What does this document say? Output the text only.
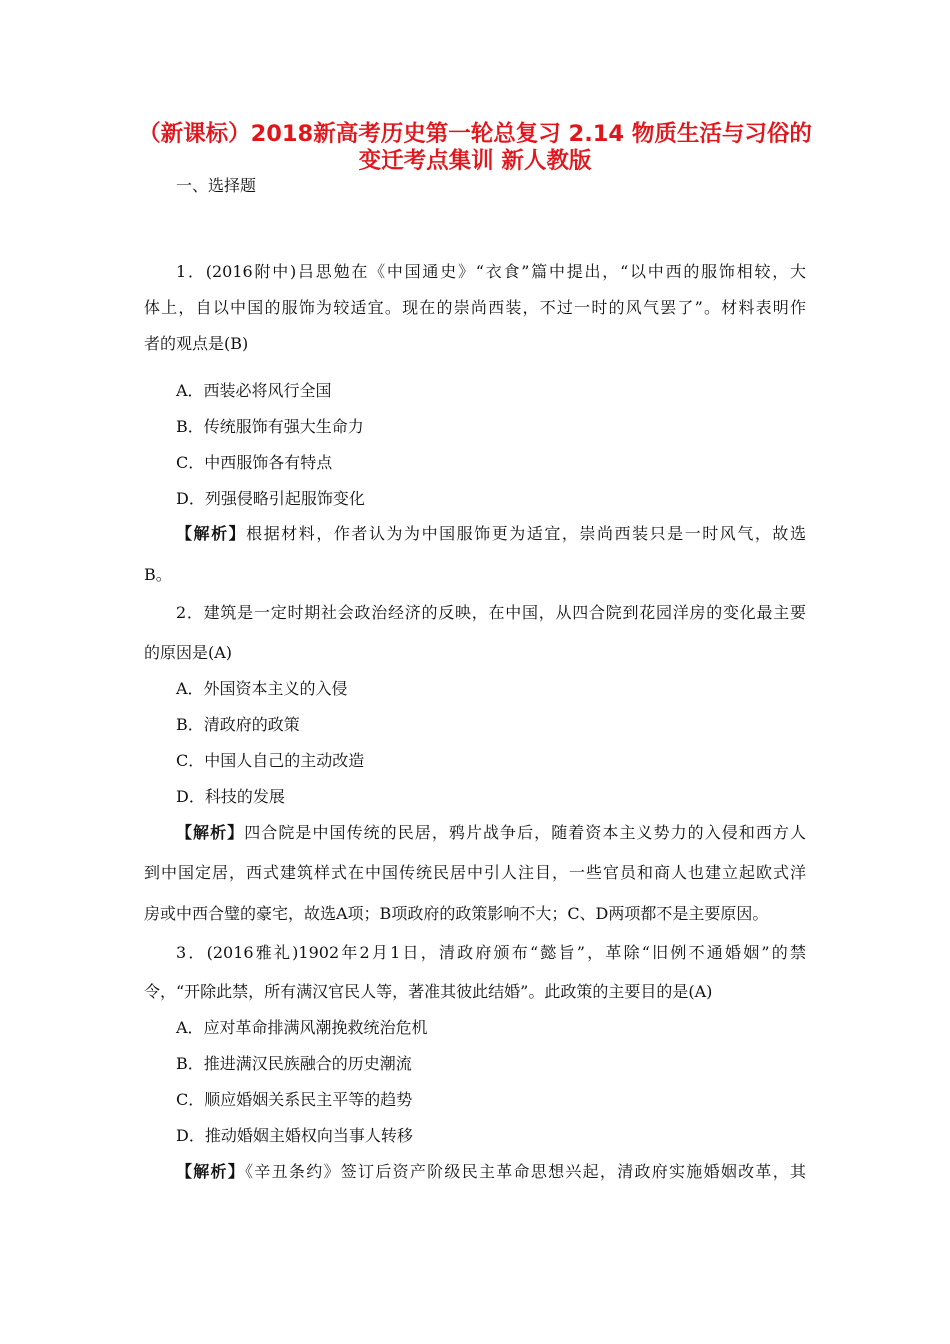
（新课标）2018新高考历史第一轮总复习 2.14 物质生活与习俗的
变迁考点集训 新人教版
一、选择题
1．(2016附中)吕思勉在《中国通史》“衣食”篇中提出，“以中西的服饰相较，大
体上，自以中国的服饰为较适宜。现在的崇尚西装，不过一时的风气罢了”。材料表明作
者的观点是(B)
A．西装必将风行全国
B．传统服饰有强大生命力
C．中西服饰各有特点
D．列强侵略引起服饰变化
【解析】根据材料，作者认为为中国服饰更为适宜，崇尚西装只是一时风气，故选
B。
2．建筑是一定时期社会政治经济的反映，在中国，从四合院到花园洋房的变化最主要
的原因是(A)
A．外国资本主义的入侵
B．清政府的政策
C．中国人自己的主动改造
D．科技的发展
【解析】四合院是中国传统的民居，鸦片战争后，随着资本主义势力的入侵和西方人
到中国定居，西式建筑样式在中国传统民居中引人注目，一些官员和商人也建立起欧式洋
房或中西合璧的豪宅，故选A项；B项政府的政策影响不大；C、D两项都不是主要原因。
3．(2016雅礼)1902年2月1日，清政府颁布“懿旨”，革除“旧例不通婚姻”的禁
令，“开除此禁，所有满汉官民人等，著准其彼此结婚”。此政策的主要目的是(A)
A．应对革命排满风潮挽救统治危机
B．推进满汉民族融合的历史潮流
C．顺应婚姻关系民主平等的趋势
D．推动婚姻主婚权向当事人转移
【解析】《辛丑条约》签订后资产阶级民主革命思想兴起，清政府实施婚姻改革，其
